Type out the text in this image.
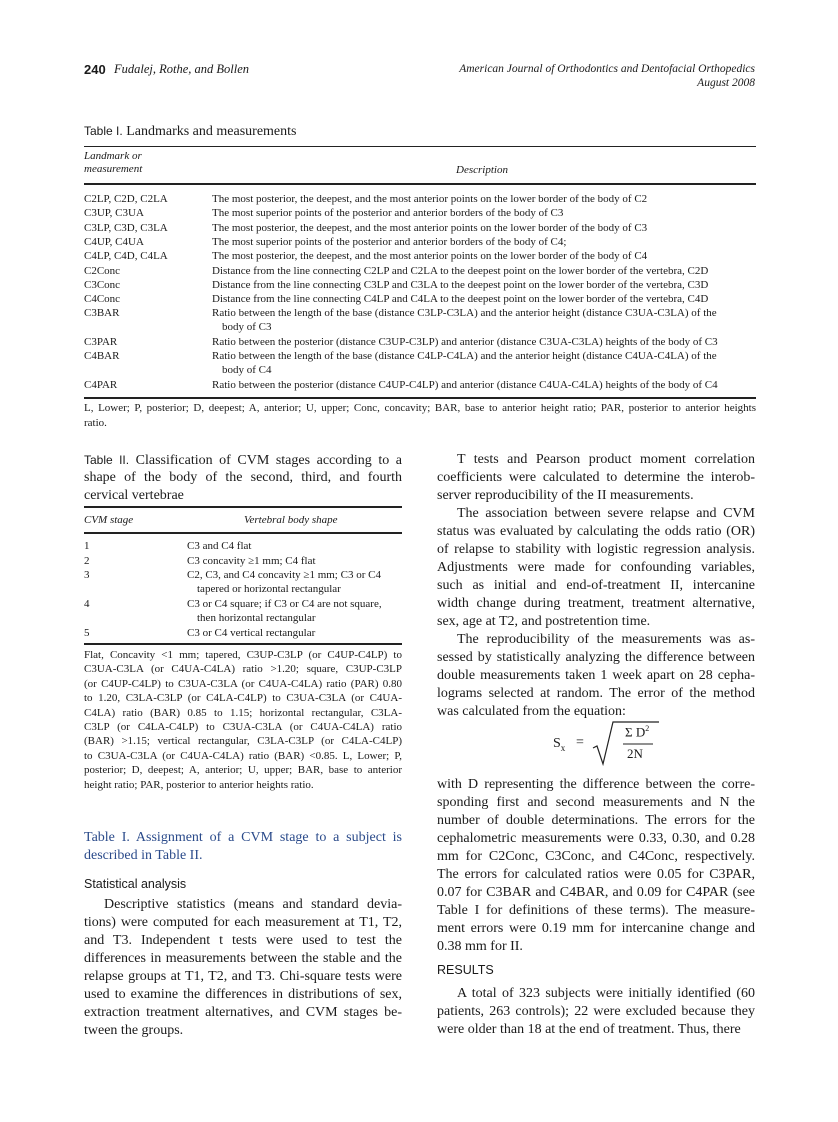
240 Fudalej, Rothe, and Bollen	American Journal of Orthodontics and Dentofacial Orthopedics
August 2008
Table I. Landmarks and measurements
Landmark or
measurement	Description
C2LP, C2D, C2LA	The most posterior, the deepest, and the most anterior points on the lower border of the body of C2
C3UP, C3UA	The most superior points of the posterior and anterior borders of the body of C3
C3LP, C3D, C3LA	The most posterior, the deepest, and the most anterior points on the lower border of the body of C3
C4UP, C4UA	The most superior points of the posterior and anterior borders of the body of C4;
C4LP, C4D, C4LA	The most posterior, the deepest, and the most anterior points on the lower border of the body of C4
C2Conc	Distance from the line connecting C2LP and C2LA to the deepest point on the lower border of the vertebra, C2D
C3Conc	Distance from the line connecting C3LP and C3LA to the deepest point on the lower border of the vertebra, C3D
C4Conc	Distance from the line connecting C4LP and C4LA to the deepest point on the lower border of the vertebra, C4D
C3BAR	Ratio between the length of the base (distance C3LP-C3LA) and the anterior height (distance C3UA-C3LA) of the
body of C3
C3PAR	Ratio between the posterior (distance C3UP-C3LP) and anterior (distance C3UA-C3LA) heights of the body of C3
C4BAR	Ratio between the length of the base (distance C4LP-C4LA) and the anterior height (distance C4UA-C4LA) of the
body of C4
C4PAR	Ratio between the posterior (distance C4UP-C4LP) and anterior (distance C4UA-C4LA) heights of the body of C4
L, Lower; P, posterior; D, deepest; A, anterior; U, upper; Conc, concavity; BAR, base to anterior height ratio; PAR, posterior to anterior heights
ratio.
Table II. Classification of CVM stages according to a
shape of the body of the second, third, and fourth
cervical vertebrae
CVM stage	Vertebral body shape
1	C3 and C4 flat
2	C3 concavity ≥1 mm; C4 flat
3	C2, C3, and C4 concavity ≥1 mm; C3 or C4
tapered or horizontal rectangular
4	C3 or C4 square; if C3 or C4 are not square,
then horizontal rectangular
5	C3 or C4 vertical rectangular
Flat, Concavity <1 mm; tapered, C3UP-C3LP (or C4UP-C4LP) to
C3UA-C3LA (or C4UA-C4LA) ratio >1.20; square, C3UP-C3LP
(or C4UP-C4LP) to C3UA-C3LA (or C4UA-C4LA) ratio (PAR) 0.80
to 1.20, C3LA-C3LP (or C4LA-C4LP) to C3UA-C3LA (or C4UA-
C4LA) ratio (BAR) 0.85 to 1.15; horizontal rectangular, C3LA-
C3LP (or C4LA-C4LP) to C3UA-C3LA (or C4UA-C4LA) ratio
(BAR) >1.15; vertical rectangular, C3LA-C3LP (or C4LA-C4LP)
to C3UA-C3LA (or C4UA-C4LA) ratio (BAR) <0.85. L, Lower; P,
posterior; D, deepest; A, anterior; U, upper; BAR, base to anterior
height ratio; PAR, posterior to anterior heights ratio.
Table I. Assignment of a CVM stage to a subject is
described in Table II.
Statistical analysis
Descriptive statistics (means and standard devia-
tions) were computed for each measurement at T1, T2,
and T3. Independent t tests were used to test the
differences in measurements between the stable and the
relapse groups at T1, T2, and T3. Chi-square tests were
used to examine the differences in distributions of sex,
extraction treatment alternatives, and CVM stages be-
tween the groups.
T tests and Pearson product moment correlation
coefficients were calculated to determine the interob-
server reproducibility of the II measurements.
The association between severe relapse and CVM
status was evaluated by calculating the odds ratio (OR)
of relapse to stability with logistic regression analysis.
Adjustments were made for confounding variables,
such as initial and end-of-treatment II, intercanine
width change during treatment, treatment alternative,
sex, age at T2, and postretention time.
The reproducibility of the measurements was as-
sessed by statistically analyzing the difference between
double measurements taken 1 week apart on 28 cepha-
lograms selected at random. The error of the method
was calculated from the equation:
$S_x$ =
Σ $D^2$
2N
with D representing the difference between the corre-
sponding first and second measurements and N the
number of double determinations. The errors for the
cephalometric measurements were 0.33, 0.30, and 0.28
mm for C2Conc, C3Conc, and C4Conc, respectively.
The errors for calculated ratios were 0.05 for C3PAR,
0.07 for C3BAR and C4BAR, and 0.09 for C4PAR (see
Table I for definitions of these terms). The measure-
ment errors were 0.19 mm for intercanine change and
0.38 mm for II.
RESULTS
A total of 323 subjects were initially identified (60
patients, 263 controls); 22 were excluded because they
were older than 18 at the end of treatment. Thus, there
